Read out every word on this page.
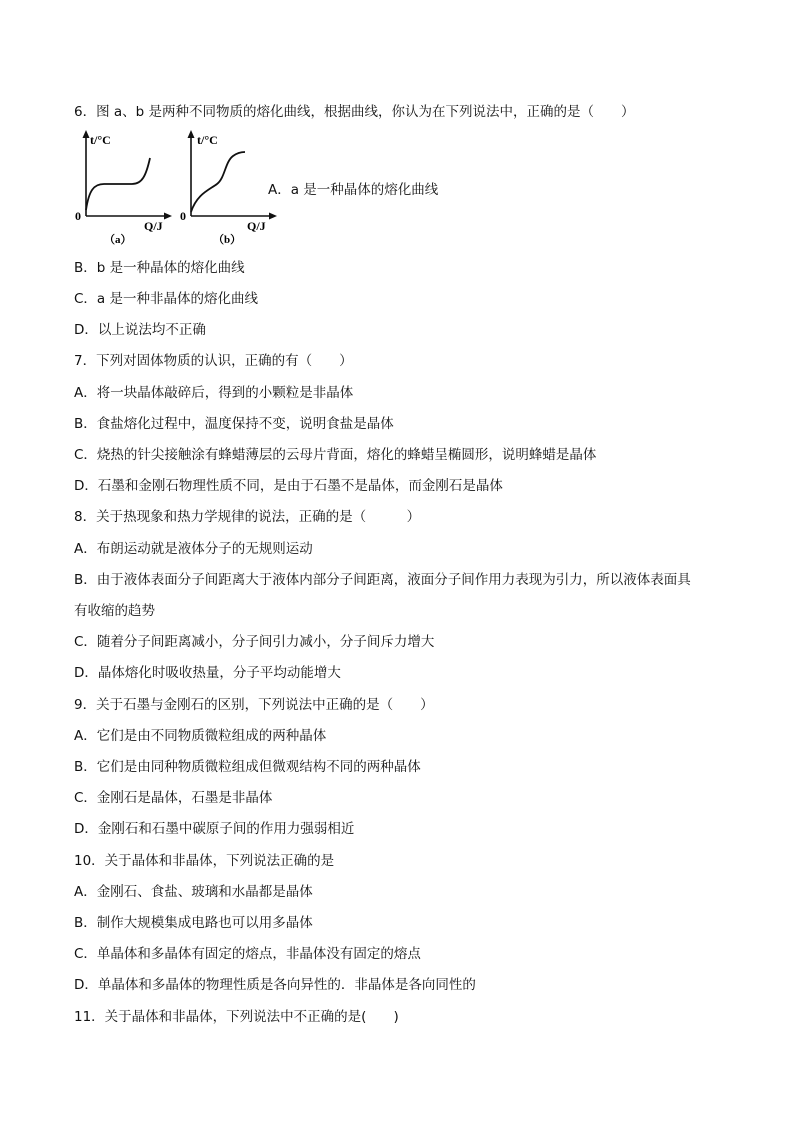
6．图 a、b 是两种不同物质的熔化曲线，根据曲线，你认为在下列说法中，正确的是（　　）
t/°C
0
Q/J
（a）
t/°C
0
Q/J
（b）
A．a 是一种晶体的熔化曲线
B．b 是一种晶体的熔化曲线
C．a 是一种非晶体的熔化曲线
D．以上说法均不正确
7．下列对固体物质的认识，正确的有（　　）
A．将一块晶体敲碎后，得到的小颗粒是非晶体
B．食盐熔化过程中，温度保持不变，说明食盐是晶体
C．烧热的针尖接触涂有蜂蜡薄层的云母片背面，熔化的蜂蜡呈椭圆形，说明蜂蜡是晶体
D．石墨和金刚石物理性质不同，是由于石墨不是晶体，而金刚石是晶体
8．关于热现象和热力学规律的说法，正确的是（　　　）
A．布朗运动就是液体分子的无规则运动
B．由于液体表面分子间距离大于液体内部分子间距离，液面分子间作用力表现为引力，所以液体表面具
有收缩的趋势
C．随着分子间距离减小，分子间引力减小，分子间斥力增大
D．晶体熔化时吸收热量，分子平均动能增大
9．关于石墨与金刚石的区别，下列说法中正确的是（　　）
A．它们是由不同物质微粒组成的两种晶体
B．它们是由同种物质微粒组成但微观结构不同的两种晶体
C．金刚石是晶体，石墨是非晶体
D．金刚石和石墨中碳原子间的作用力强弱相近
10．关于晶体和非晶体，下列说法正确的是
A．金刚石、食盐、玻璃和水晶都是晶体
B．制作大规模集成电路也可以用多晶体
C．单晶体和多晶体有固定的熔点，非晶体没有固定的熔点
D．单晶体和多晶体的物理性质是各向异性的．非晶体是各向同性的
11．关于晶体和非晶体，下列说法中不正确的是(　　)
